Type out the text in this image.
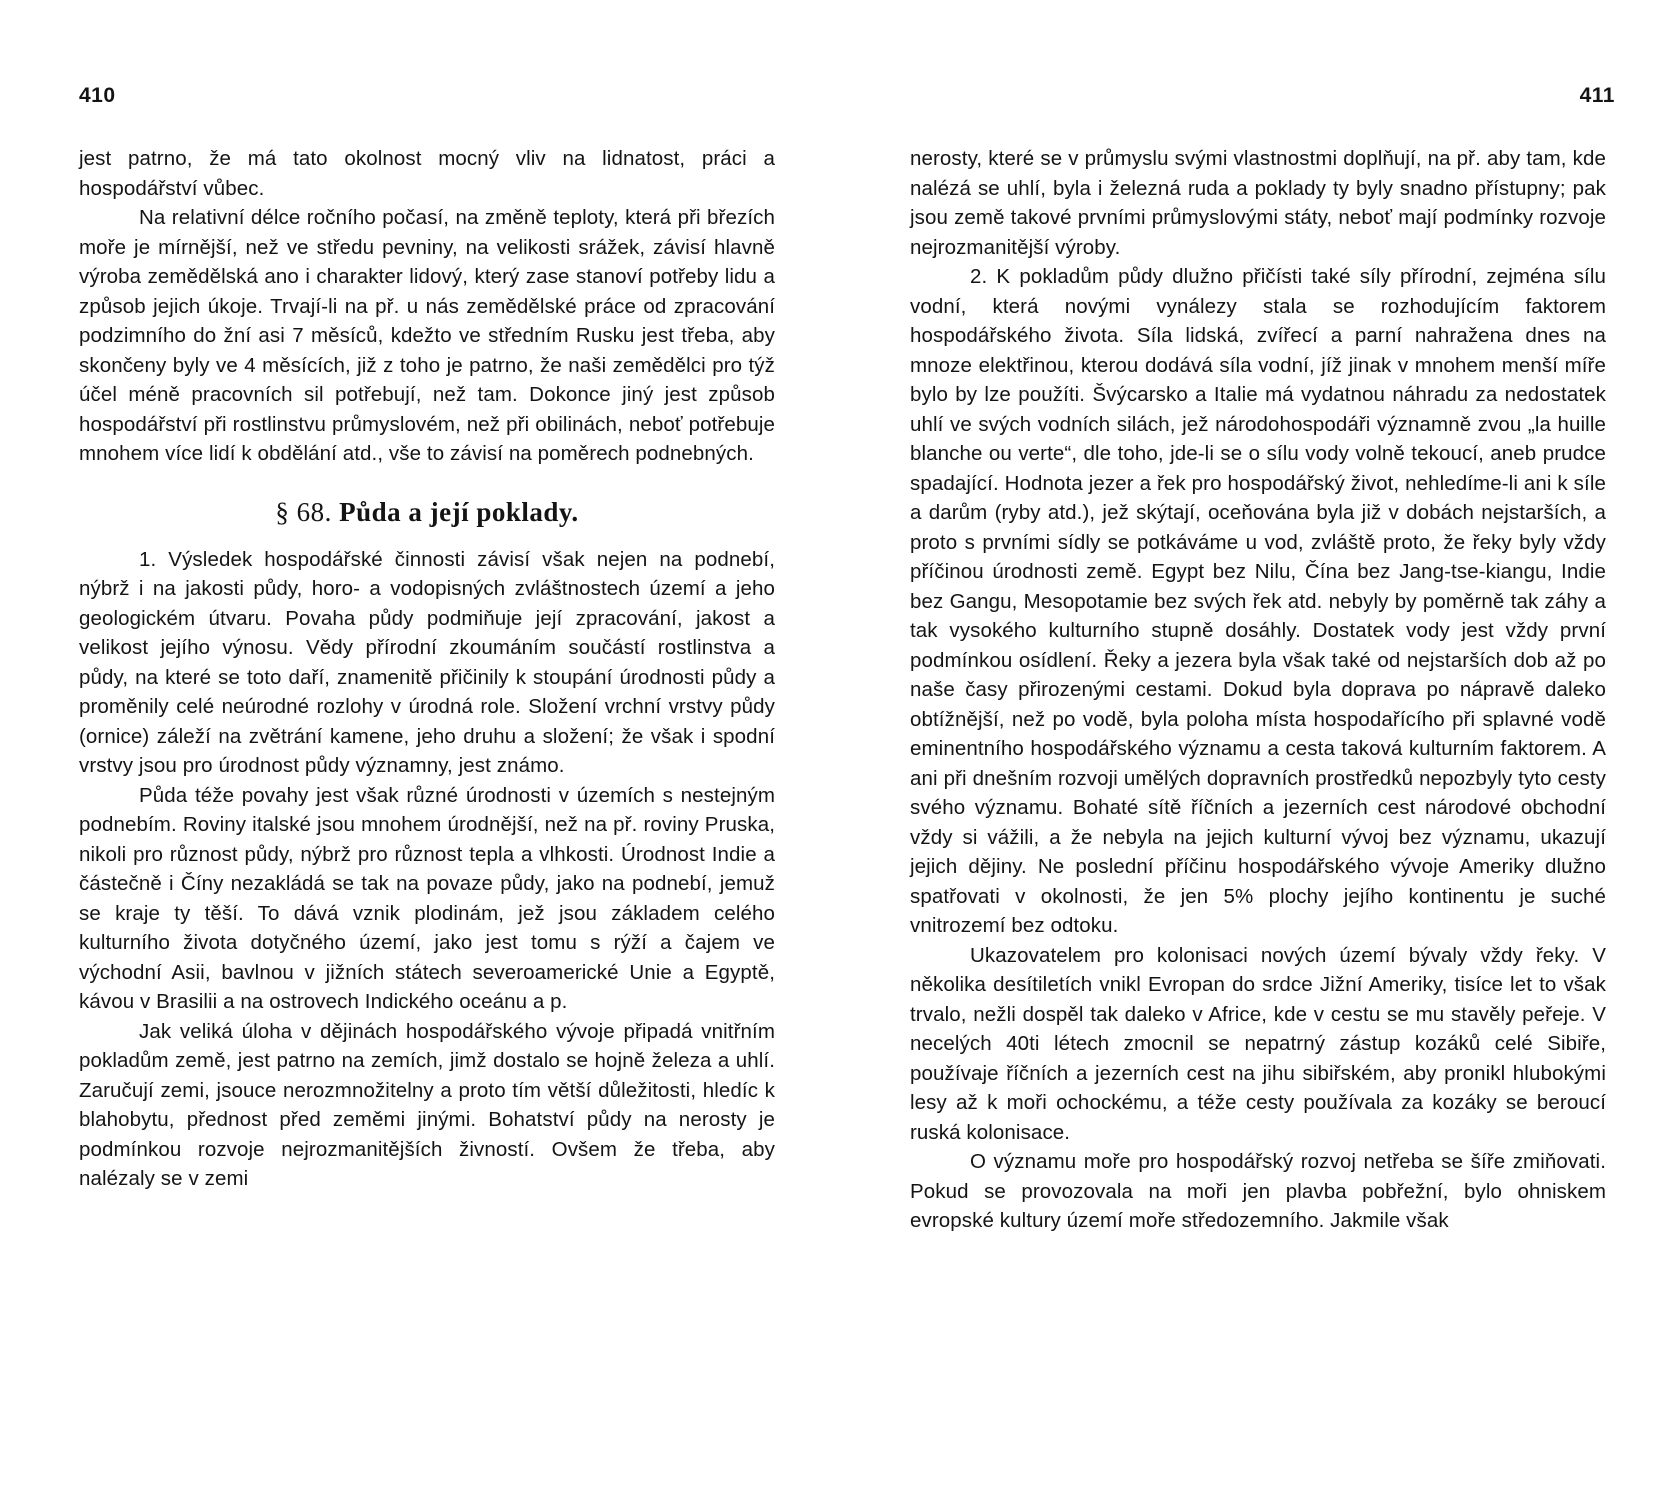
410

jest patrno, že má tato okolnost mocný vliv na lidnatost, práci a hospodářství vůbec.

Na relativní délce ročního počasí, na změně teploty, která při březích moře je mírnější, než ve středu pevniny, na velikosti srážek, závisí hlavně výroba zemědělská ano i charakter lidový, který zase stanoví potřeby lidu a způsob jejich úkoje. Trvají-li na př. u nás zemědělské práce od zpracování podzimního do žní asi 7 měsíců, kdežto ve středním Rusku jest třeba, aby skončeny byly ve 4 měsících, již z toho je patrno, že naši zemědělci pro týž účel méně pracovních sil potřebují, než tam. Dokonce jiný jest způsob hospodářství při rostlinstvu průmyslovém, než při obilinách, neboť potřebuje mnohem více lidí k obdělání atd., vše to závisí na poměrech podnebných.

§ 68. Půda a její poklady.

1. Výsledek hospodářské činnosti závisí však nejen na podnebí, nýbrž i na jakosti půdy, horo- a vodopisných zvláštnostech území a jeho geologickém útvaru. Povaha půdy podmiňuje její zpracování, jakost a velikost jejího výnosu. Vědy přírodní zkoumáním součástí rostlinstva a půdy, na které se toto daří, znamenitě přičinily k stoupání úrodnosti půdy a proměnily celé neúrodné rozlohy v úrodná role. Složení vrchní vrstvy půdy (ornice) záleží na zvětrání kamene, jeho druhu a složení; že však i spodní vrstvy jsou pro úrodnost půdy významny, jest známo.

Půda téže povahy jest však různé úrodnosti v územích s nestejným podnebím. Roviny italské jsou mnohem úrodnější, než na př. roviny Pruska, nikoli pro různost půdy, nýbrž pro různost tepla a vlhkosti. Úrodnost Indie a částečně i Číny nezakládá se tak na povaze půdy, jako na podnebí, jemuž se kraje ty těší. To dává vznik plodinám, jež jsou základem celého kulturního života dotyčného území, jako jest tomu s rýží a čajem ve východní Asii, bavlnou v jižních státech severoamerické Unie a Egyptě, kávou v Brasilii a na ostrovech Indického oceánu a p.

Jak veliká úloha v dějinách hospodářského vývoje připadá vnitřním pokladům země, jest patrno na zemích, jimž dostalo se hojně železa a uhlí. Zaručují zemi, jsouce nerozmnožitelny a proto tím větší důležitosti, hledíc k blahobytu, přednost před zeměmi jinými. Bohatství půdy na nerosty je podmínkou rozvoje nejrozmanitějších živností. Ovšem že třeba, aby nalézaly se v zemi

411

nerosty, které se v průmyslu svými vlastnostmi doplňují, na př. aby tam, kde nalézá se uhlí, byla i železná ruda a poklady ty byly snadno přístupny; pak jsou země takové prvními průmyslovými státy, neboť mají podmínky rozvoje nejrozmanitější výroby.

2. K pokladům půdy dlužno přičísti také síly přírodní, zejména sílu vodní, která novými vynálezy stala se rozhodujícím faktorem hospodářského života. Síla lidská, zvířecí a parní nahražena dnes na mnoze elektřinou, kterou dodává síla vodní, jíž jinak v mnohem menší míře bylo by lze použíti. Švýcarsko a Italie má vydatnou náhradu za nedostatek uhlí ve svých vodních silách, jež národohospodáři významně zvou „la huille blanche ou verte“, dle toho, jde-li se o sílu vody volně tekoucí, aneb prudce spadající. Hodnota jezer a řek pro hospodářský život, nehledíme-li ani k síle a darům (ryby atd.), jež skýtají, oceňována byla již v dobách nejstarších, a proto s prvními sídly se potkáváme u vod, zvláště proto, že řeky byly vždy příčinou úrodnosti země. Egypt bez Nilu, Čína bez Jang-tse-kiangu, Indie bez Gangu, Mesopotamie bez svých řek atd. nebyly by poměrně tak záhy a tak vysokého kulturního stupně dosáhly. Dostatek vody jest vždy první podmínkou osídlení. Řeky a jezera byla však také od nejstarších dob až po naše časy přirozenými cestami. Dokud byla doprava po nápravě daleko obtížnější, než po vodě, byla poloha místa hospodařícího při splavné vodě eminentního hospodářského významu a cesta taková kulturním faktorem. A ani při dnešním rozvoji umělých dopravních prostředků nepozbyly tyto cesty svého významu. Bohaté sítě říčních a jezerních cest národové obchodní vždy si vážili, a že nebyla na jejich kulturní vývoj bez významu, ukazují jejich dějiny. Ne poslední příčinu hospodářského vývoje Ameriky dlužno spatřovati v okolnosti, že jen 5% plochy jejího kontinentu je suché vnitrozemí bez odtoku.

Ukazovatelem pro kolonisaci nových území bývaly vždy řeky. V několika desítiletích vnikl Evropan do srdce Jižní Ameriky, tisíce let to však trvalo, nežli dospěl tak daleko v Africe, kde v cestu se mu stavěly peřeje. V necelých 40ti létech zmocnil se nepatrný zástup kozáků celé Sibiře, používaje říčních a jezerních cest na jihu sibiřském, aby pronikl hlubokými lesy až k moři ochockému, a téže cesty používala za kozáky se beroucí ruská kolonisace.

O významu moře pro hospodářský rozvoj netřeba se šíře zmiňovati. Pokud se provozovala na moři jen plavba pobřežní, bylo ohniskem evropské kultury území moře středozemního. Jakmile však
